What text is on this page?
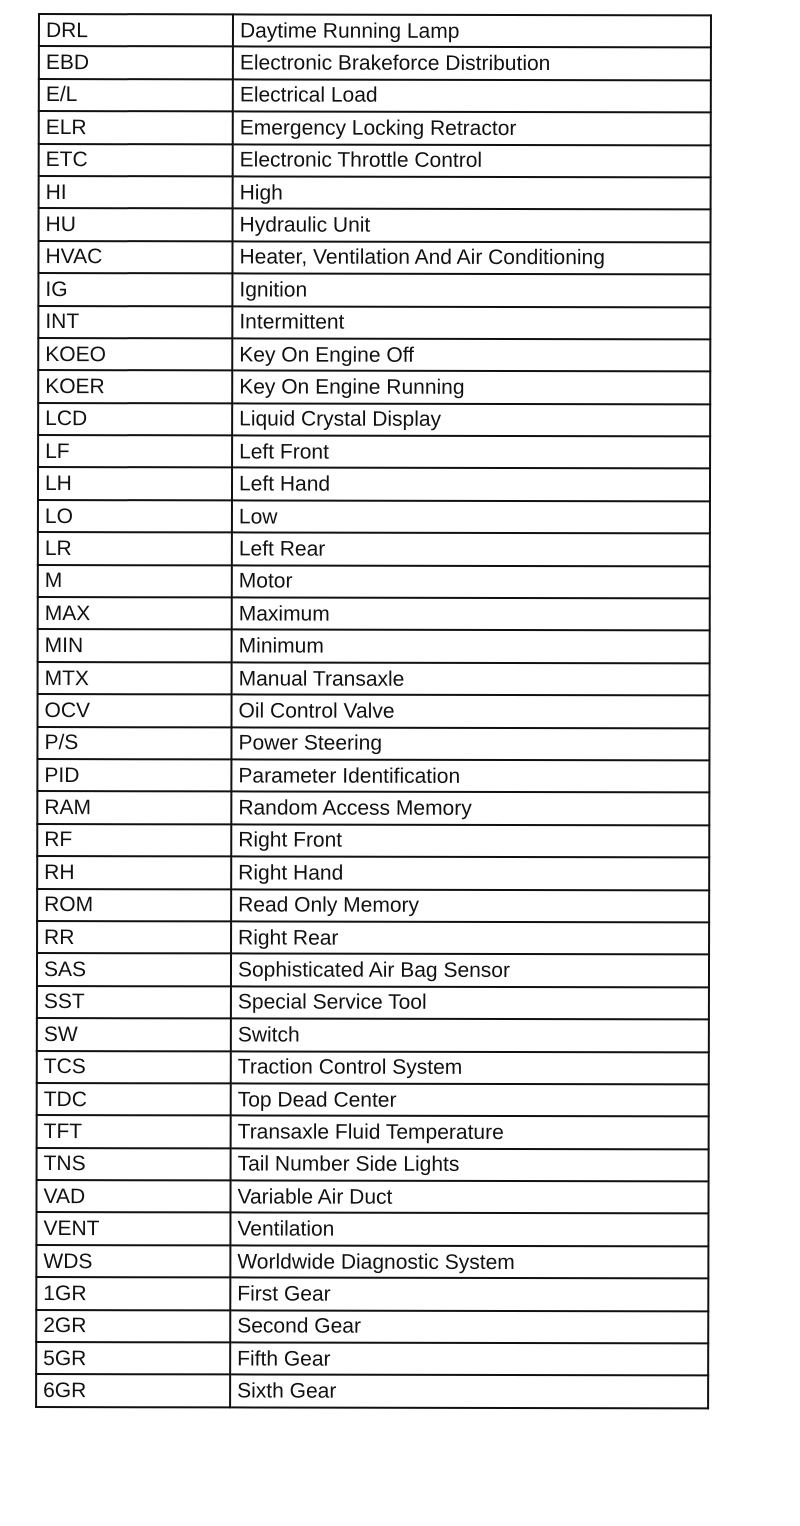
DRL	Daytime Running Lamp
EBD	Electronic Brakeforce Distribution
E/L	Electrical Load
ELR	Emergency Locking Retractor
ETC	Electronic Throttle Control
HI	High
HU	Hydraulic Unit
HVAC	Heater, Ventilation And Air Conditioning
IG	Ignition
INT	Intermittent
KOEO	Key On Engine Off
KOER	Key On Engine Running
LCD	Liquid Crystal Display
LF	Left Front
LH	Left Hand
LO	Low
LR	Left Rear
M	Motor
MAX	Maximum
MIN	Minimum
MTX	Manual Transaxle
OCV	Oil Control Valve
P/S	Power Steering
PID	Parameter Identification
RAM	Random Access Memory
RF	Right Front
RH	Right Hand
ROM	Read Only Memory
RR	Right Rear
SAS	Sophisticated Air Bag Sensor
SST	Special Service Tool
SW	Switch
TCS	Traction Control System
TDC	Top Dead Center
TFT	Transaxle Fluid Temperature
TNS	Tail Number Side Lights
VAD	Variable Air Duct
VENT	Ventilation
WDS	Worldwide Diagnostic System
1GR	First Gear
2GR	Second Gear
5GR	Fifth Gear
6GR	Sixth Gear
